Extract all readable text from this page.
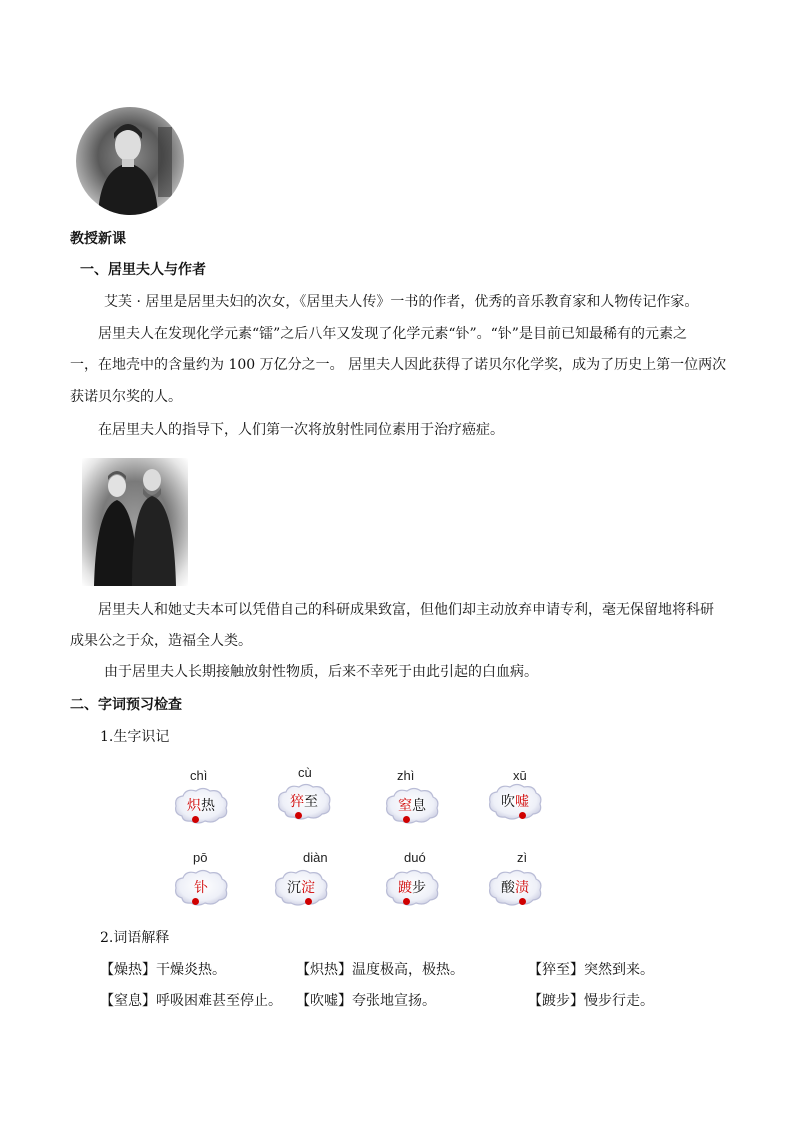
教授新课
一、居里夫人与作者
艾芙 · 居里是居里夫妇的次女，《居里夫人传》一书的作者，优秀的音乐教育家和人物传记作家。
居里夫人在发现化学元素“镭”之后八年又发现了化学元素“钋”。“钋”是目前已知最稀有的元素之
一，在地壳中的含量约为 100 万亿分之一。 居里夫人因此获得了诺贝尔化学奖，成为了历史上第一位两次
获诺贝尔奖的人。
在居里夫人的指导下，人们第一次将放射性同位素用于治疗癌症。
居里夫人和她丈夫本可以凭借自己的科研成果致富，但他们却主动放弃申请专利，毫无保留地将科研
成果公之于众，造福全人类。
由于居里夫人长期接触放射性物质，后来不幸死于由此引起的白血病。
二、字词预习检查
1.生字识记
chì
炽热
cù
猝至
zhì
窒息
xū
吹嘘
pō
钋
diàn
沉淀
duó
踱步
zì
酸渍
2.词语解释
【燥热】干燥炎热。	【炽热】温度极高，极热。	【猝至】突然到来。
【窒息】呼吸困难甚至停止。 【吹嘘】夸张地宣扬。	【踱步】慢步行走。
